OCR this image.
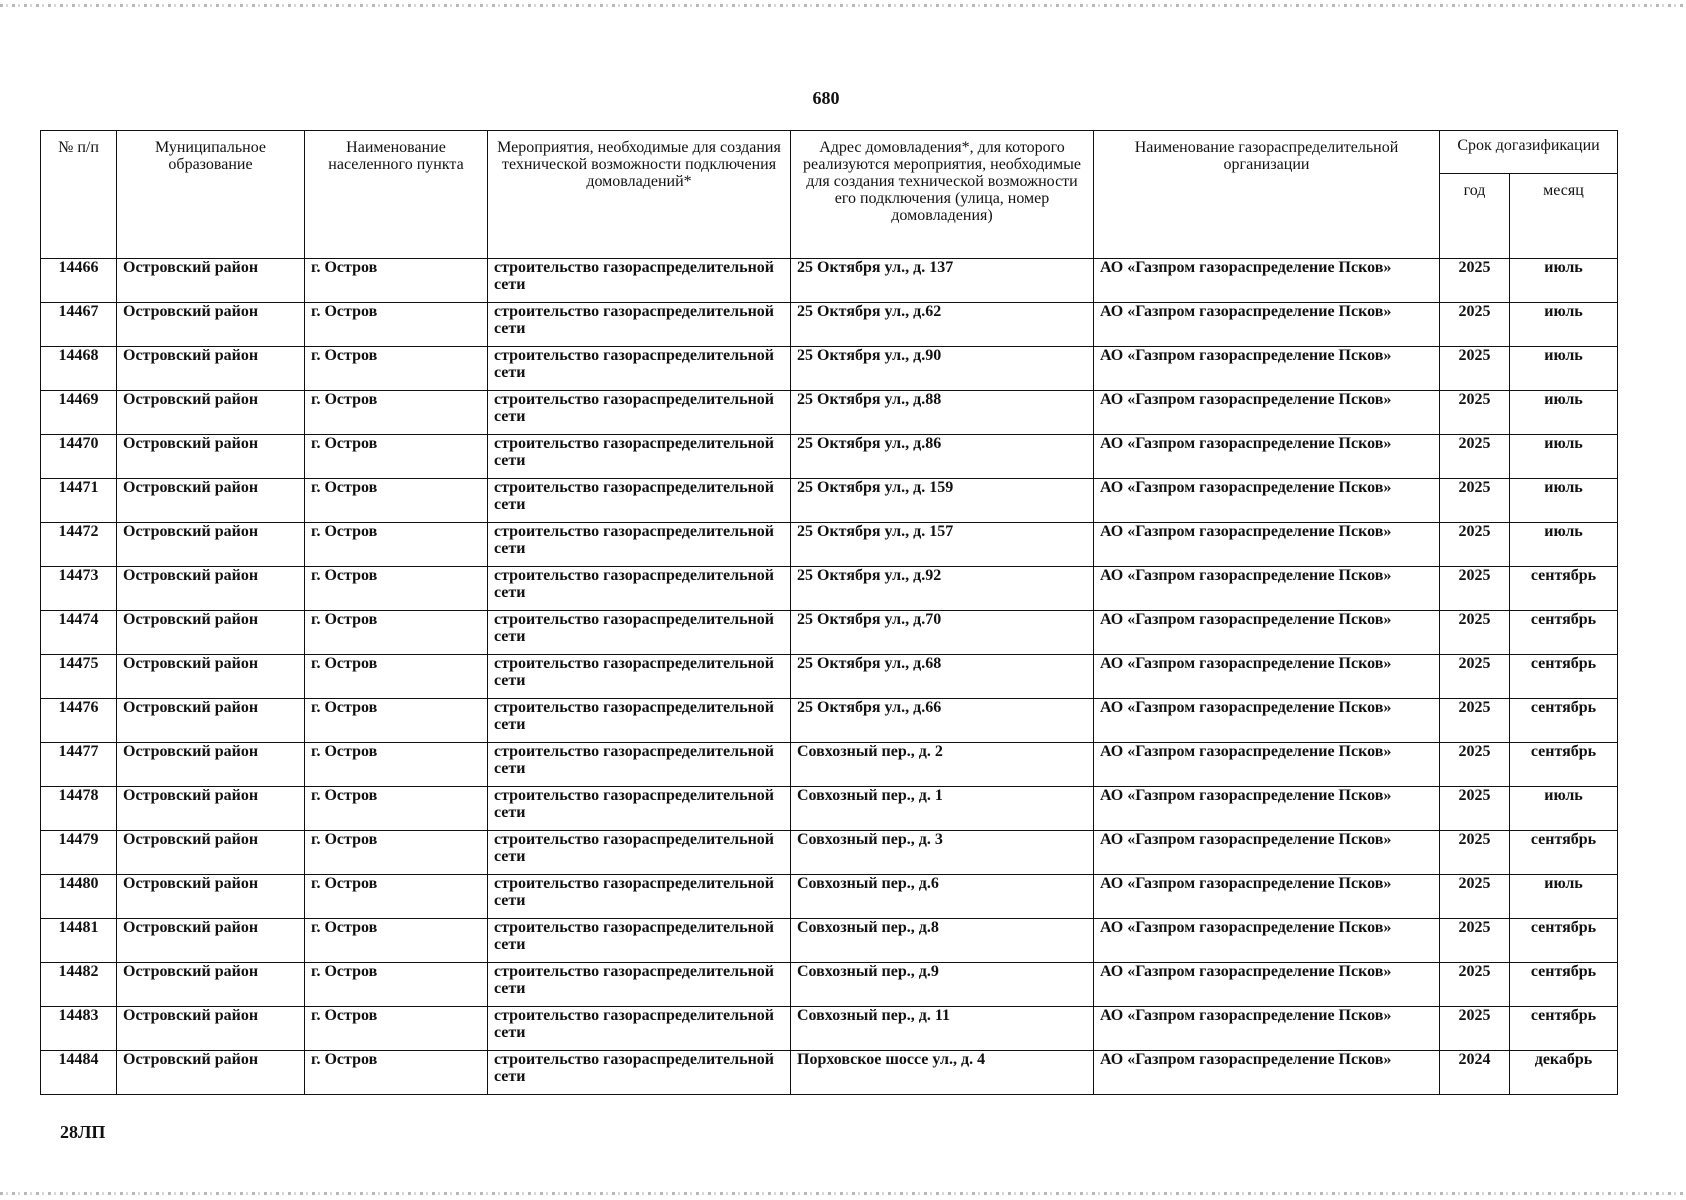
680
№ п/п	Муниципальное образование	Наименование населенного пункта	Мероприятия, необходимые для создания технической возможности подключения домовладений*	Адрес домовладения*, для которого реализуются мероприятия, необходимые для создания технической возможности его подключения (улица, номер домовладения)	Наименование газораспределительной организации	Срок догазификации	
						год	месяц
14466	Островский район	г. Остров	строительство газораспределительной сети	25 Октября ул., д. 137	АО «Газпром газораспределение Псков»	2025	июль
14467	Островский район	г. Остров	строительство газораспределительной сети	25 Октября ул., д.62	АО «Газпром газораспределение Псков»	2025	июль
14468	Островский район	г. Остров	строительство газораспределительной сети	25 Октября ул., д.90	АО «Газпром газораспределение Псков»	2025	июль
14469	Островский район	г. Остров	строительство газораспределительной сети	25 Октября ул., д.88	АО «Газпром газораспределение Псков»	2025	июль
14470	Островский район	г. Остров	строительство газораспределительной сети	25 Октября ул., д.86	АО «Газпром газораспределение Псков»	2025	июль
14471	Островский район	г. Остров	строительство газораспределительной сети	25 Октября ул., д. 159	АО «Газпром газораспределение Псков»	2025	июль
14472	Островский район	г. Остров	строительство газораспределительной сети	25 Октября ул., д. 157	АО «Газпром газораспределение Псков»	2025	июль
14473	Островский район	г. Остров	строительство газораспределительной сети	25 Октября ул., д.92	АО «Газпром газораспределение Псков»	2025	сентябрь
14474	Островский район	г. Остров	строительство газораспределительной сети	25 Октября ул., д.70	АО «Газпром газораспределение Псков»	2025	сентябрь
14475	Островский район	г. Остров	строительство газораспределительной сети	25 Октября ул., д.68	АО «Газпром газораспределение Псков»	2025	сентябрь
14476	Островский район	г. Остров	строительство газораспределительной сети	25 Октября ул., д.66	АО «Газпром газораспределение Псков»	2025	сентябрь
14477	Островский район	г. Остров	строительство газораспределительной сети	Совхозный пер., д. 2	АО «Газпром газораспределение Псков»	2025	сентябрь
14478	Островский район	г. Остров	строительство газораспределительной сети	Совхозный пер., д. 1	АО «Газпром газораспределение Псков»	2025	июль
14479	Островский район	г. Остров	строительство газораспределительной сети	Совхозный пер., д. 3	АО «Газпром газораспределение Псков»	2025	сентябрь
14480	Островский район	г. Остров	строительство газораспределительной сети	Совхозный пер., д.6	АО «Газпром газораспределение Псков»	2025	июль
14481	Островский район	г. Остров	строительство газораспределительной сети	Совхозный пер., д.8	АО «Газпром газораспределение Псков»	2025	сентябрь
14482	Островский район	г. Остров	строительство газораспределительной сети	Совхозный пер., д.9	АО «Газпром газораспределение Псков»	2025	сентябрь
14483	Островский район	г. Остров	строительство газораспределительной сети	Совхозный пер., д. 11	АО «Газпром газораспределение Псков»	2025	сентябрь
14484	Островский район	г. Остров	строительство газораспределительной сети	Порховское шоссе ул., д. 4	АО «Газпром газораспределение Псков»	2024	декабрь
28ЛП
